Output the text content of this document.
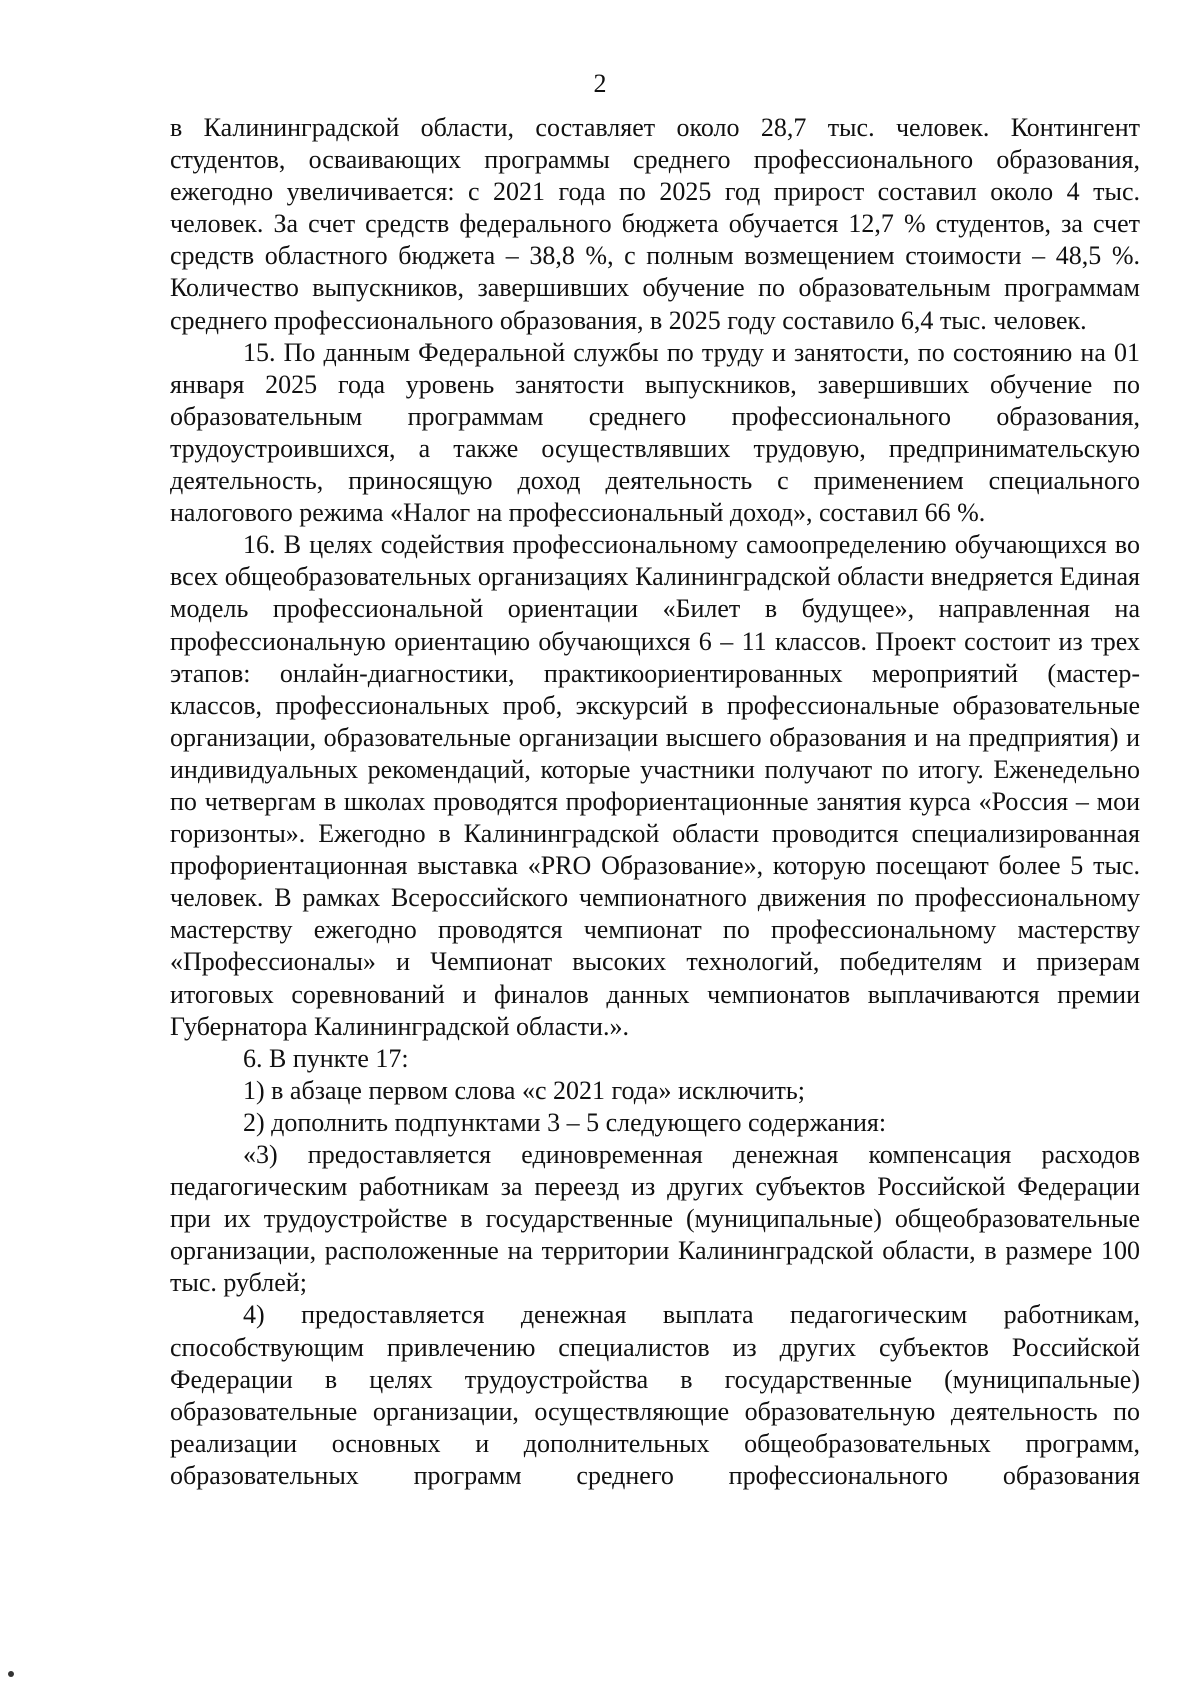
2

в Калининградской области, составляет около 28,7 тыс. человек. Контингент студентов, осваивающих программы среднего профессионального образования, ежегодно увеличивается: с 2021 года по 2025 год прирост составил около 4 тыс. человек. За счет средств федерального бюджета обучается 12,7 % студентов, за счет средств областного бюджета – 38,8 %, с полным возмещением стоимости – 48,5 %. Количество выпускников, завершивших обучение по образовательным программам среднего профессионального образования, в 2025 году составило 6,4 тыс. человек.

15. По данным Федеральной службы по труду и занятости, по состоянию на 01 января 2025 года уровень занятости выпускников, завершивших обучение по образовательным программам среднего профессионального образования, трудоустроившихся, а также осуществлявших трудовую, предпринимательскую деятельность, приносящую доход деятельность с применением специального налогового режима «Налог на профессиональный доход», составил 66 %.

16. В целях содействия профессиональному самоопределению обучающихся во всех общеобразовательных организациях Калининградской области внедряется Единая модель профессиональной ориентации «Билет в будущее», направленная на профессиональную ориентацию обучающихся 6 – 11 классов. Проект состоит из трех этапов: онлайн-диагностики, практикоориентированных мероприятий (мастер-классов, профессиональных проб, экскурсий в профессиональные образовательные организации, образовательные организации высшего образования и на предприятия) и индивидуальных рекомендаций, которые участники получают по итогу. Еженедельно по четвергам в школах проводятся профориентационные занятия курса «Россия – мои горизонты». Ежегодно в Калининградской области проводится специализированная профориентационная выставка «PRO Образование», которую посещают более 5 тыс. человек. В рамках Всероссийского чемпионатного движения по профессиональному мастерству ежегодно проводятся чемпионат по профессиональному мастерству «Профессионалы» и Чемпионат высоких технологий, победителям и призерам итоговых соревнований и финалов данных чемпионатов выплачиваются премии Губернатора Калининградской области.».

6. В пункте 17:

1) в абзаце первом слова «с 2021 года» исключить;

2) дополнить подпунктами 3 – 5 следующего содержания:

«3) предоставляется единовременная денежная компенсация расходов педагогическим работникам за переезд из других субъектов Российской Федерации при их трудоустройстве в государственные (муниципальные) общеобразовательные организации, расположенные на территории Калининградской области, в размере 100 тыс. рублей;

4) предоставляется денежная выплата педагогическим работникам, способствующим привлечению специалистов из других субъектов Российской Федерации в целях трудоустройства в государственные (муниципальные) образовательные организации, осуществляющие образовательную деятельность по реализации основных и дополнительных общеобразовательных программ, образовательных программ среднего профессионального образования
